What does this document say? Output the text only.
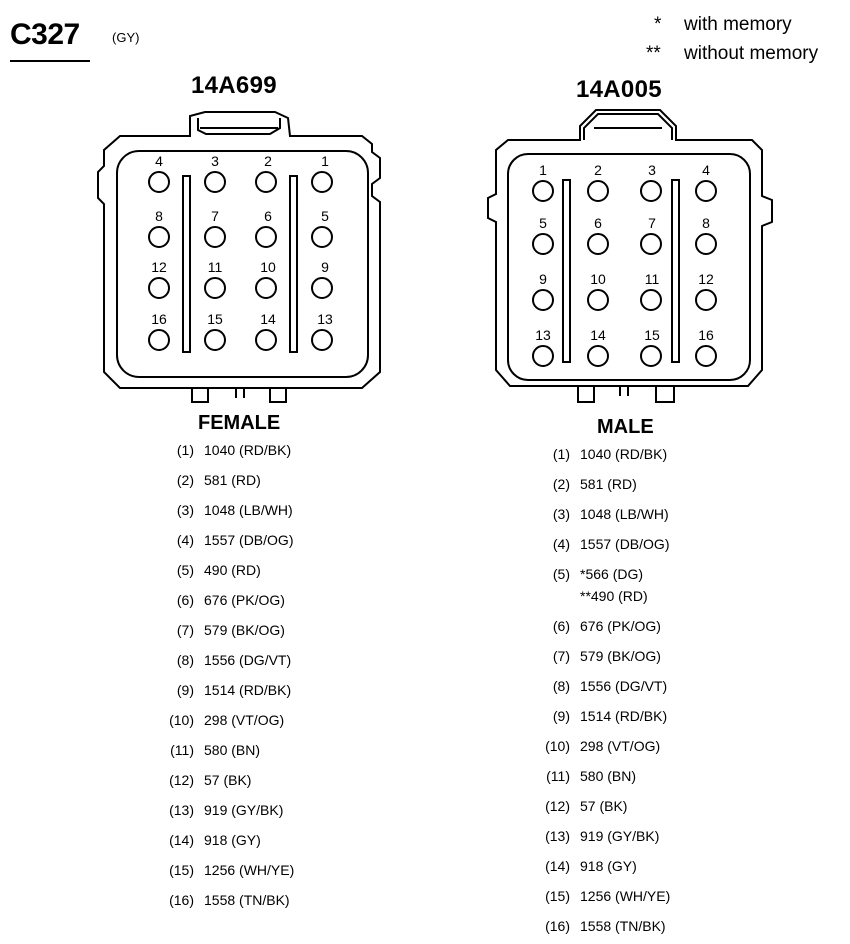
C327 (GY)
* with memory
** without memory
14A699	14A005
FEMALE	MALE
4	3	2	1
8	7	6	5
12	11	10	9
16	15	14	13
1	2	3	4
5	6	7	8
9	10	11	12
13	14	15	16
(1) 1040 (RD/BK)
(2) 581 (RD)
(3) 1048 (LB/WH)
(4) 1557 (DB/OG)
(5) 490 (RD)
(6) 676 (PK/OG)
(7) 579 (BK/OG)
(8) 1556 (DG/VT)
(9) 1514 (RD/BK)
(10) 298 (VT/OG)
(11) 580 (BN)
(12) 57 (BK)
(13) 919 (GY/BK)
(14) 918 (GY)
(15) 1256 (WH/YE)
(16) 1558 (TN/BK)
(1) 1040 (RD/BK)
(2) 581 (RD)
(3) 1048 (LB/WH)
(4) 1557 (DB/OG)
(5) *566 (DG)
**490 (RD)
(6) 676 (PK/OG)
(7) 579 (BK/OG)
(8) 1556 (DG/VT)
(9) 1514 (RD/BK)
(10) 298 (VT/OG)
(11) 580 (BN)
(12) 57 (BK)
(13) 919 (GY/BK)
(14) 918 (GY)
(15) 1256 (WH/YE)
(16) 1558 (TN/BK)
